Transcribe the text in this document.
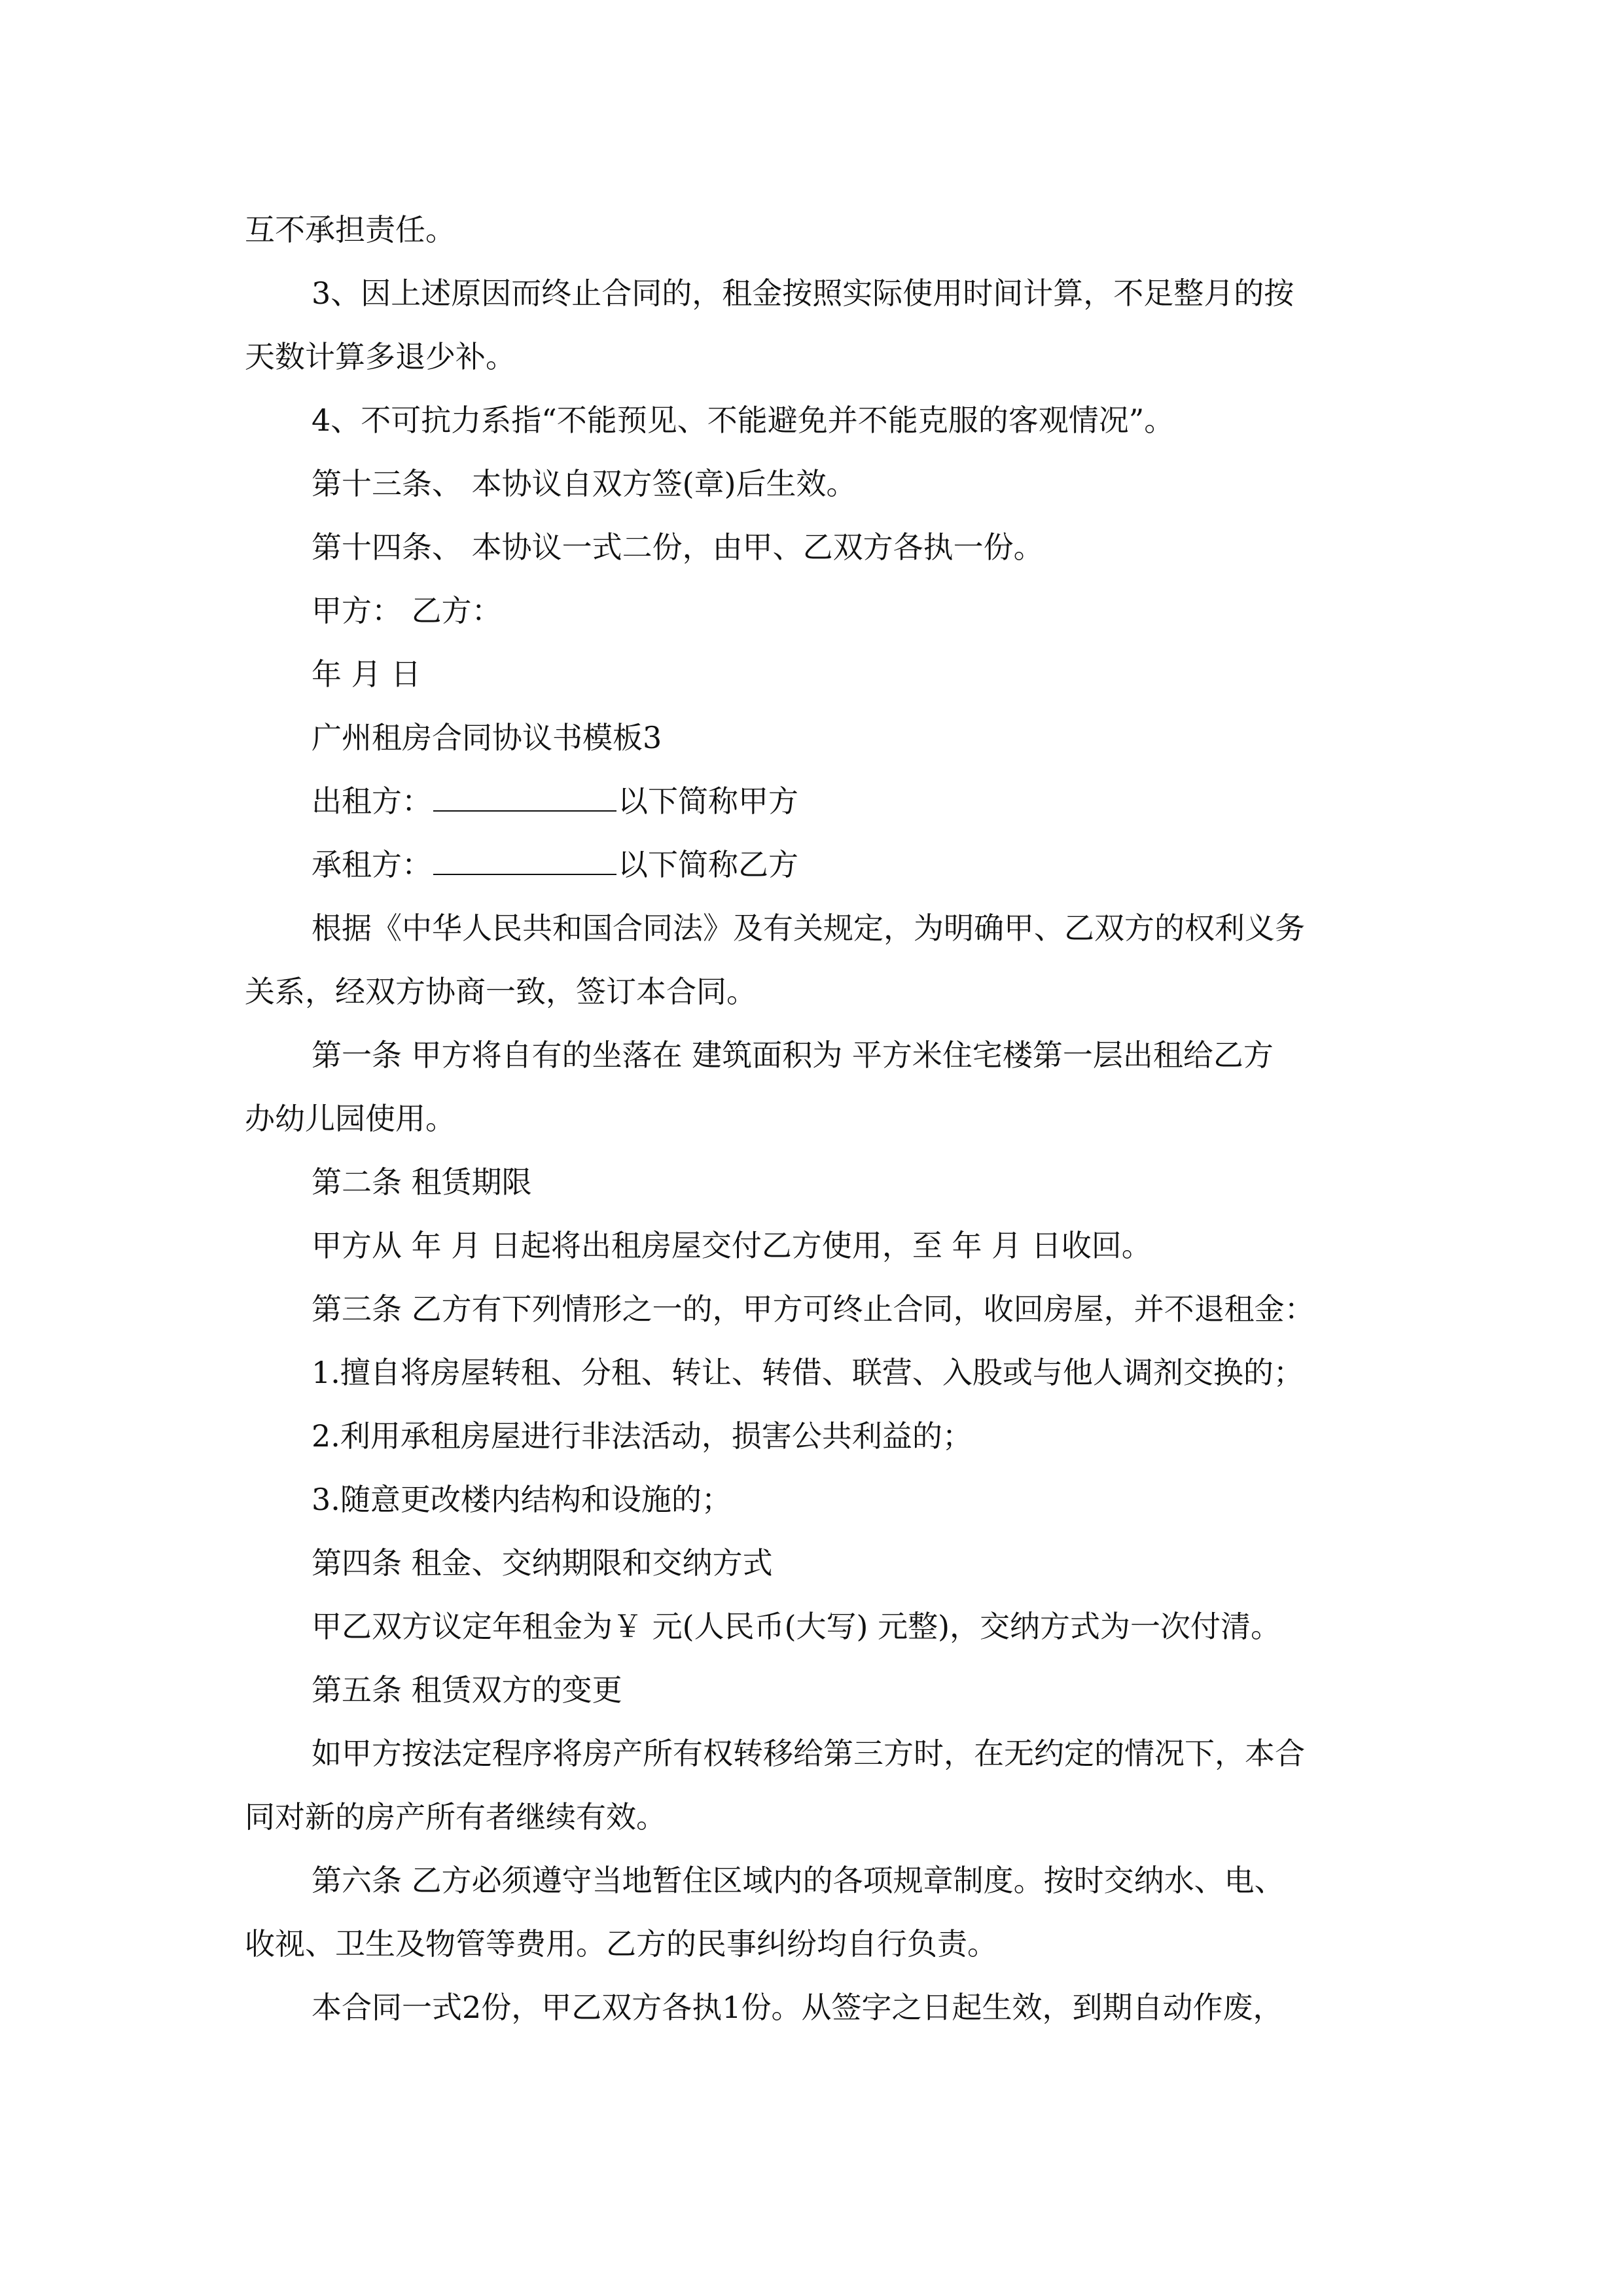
互不承担责任。
3、因上述原因而终止合同的，租金按照实际使用时间计算，不足整月的按
天数计算多退少补。
4、不可抗力系指“不能预见、不能避免并不能克服的客观情况”。
第十三条、 本协议自双方签(章)后生效。
第十四条、 本协议一式二份，由甲、乙双方各执一份。
甲方： 乙方：
年 月 日
广州租房合同协议书模板3
出租方：	以下简称甲方
承租方：	以下简称乙方
根据《中华人民共和国合同法》及有关规定，为明确甲、乙双方的权利义务
关系，经双方协商一致，签订本合同。
第一条 甲方将自有的坐落在 建筑面积为 平方米住宅楼第一层出租给乙方
办幼儿园使用。
第二条 租赁期限
甲方从 年 月 日起将出租房屋交付乙方使用，至 年 月 日收回。
第三条 乙方有下列情形之一的，甲方可终止合同，收回房屋，并不退租金：
1.擅自将房屋转租、分租、转让、转借、联营、入股或与他人调剂交换的；
2.利用承租房屋进行非法活动，损害公共利益的；
3.随意更改楼内结构和设施的；
第四条 租金、交纳期限和交纳方式
甲乙双方议定年租金为￥ 元(人民币(大写) 元整)，交纳方式为一次付清。
第五条 租赁双方的变更
如甲方按法定程序将房产所有权转移给第三方时，在无约定的情况下，本合
同对新的房产所有者继续有效。
第六条 乙方必须遵守当地暂住区域内的各项规章制度。按时交纳水、电、
收视、卫生及物管等费用。乙方的民事纠纷均自行负责。
本合同一式2份，甲乙双方各执1份。从签字之日起生效，到期自动作废，
